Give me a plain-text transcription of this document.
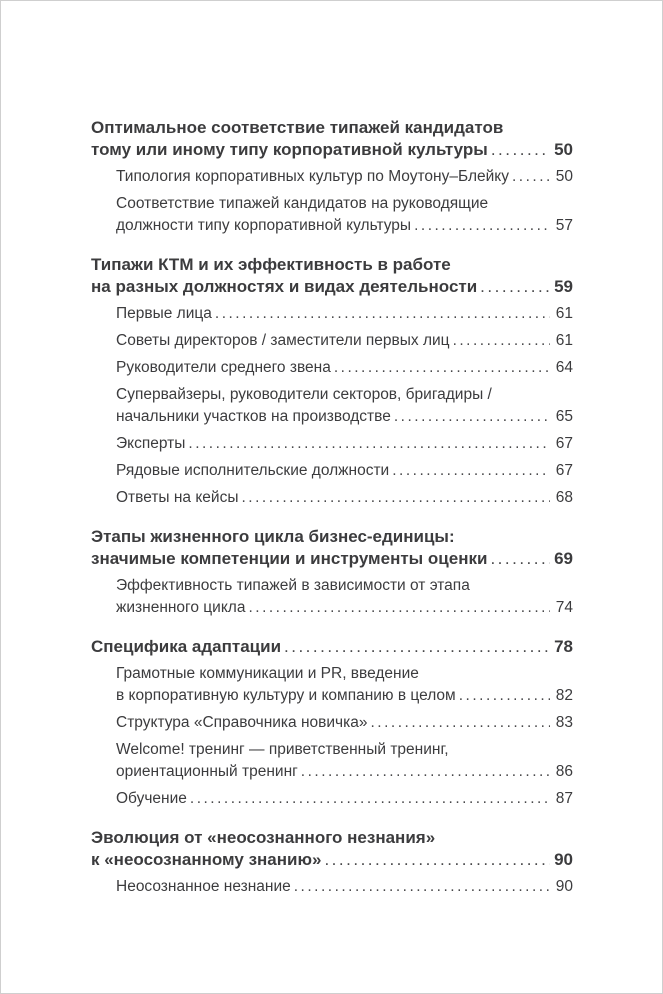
Оптимальное соответствие типажей кандидатов
тому или иному типу корпоративной культуры .....	50
Типология корпоративных культур по Моутону–Блейку .....	50
Соответствие типажей кандидатов на руководящие
должности типу корпоративной культуры .....	57
Типажи КТМ и их эффективность в работе
на разных должностях и видах деятельности .....	59
Первые лица .....	61
Советы директоров / заместители первых лиц .....	61
Руководители среднего звена .....	64
Супервайзеры, руководители секторов, бригадиры /
начальники участков на производстве .....	65
Эксперты .....	67
Рядовые исполнительские должности .....	67
Ответы на кейсы .....	68
Этапы жизненного цикла бизнес-единицы:
значимые компетенции и инструменты оценки .....	69
Эффективность типажей в зависимости от этапа
жизненного цикла .....	74
Специфика адаптации .....	78
Грамотные коммуникации и PR, введение
в корпоративную культуру и компанию в целом .....	82
Структура «Справочника новичка» .....	83
Welcome! тренинг — приветственный тренинг,
ориентационный тренинг .....	86
Обучение .....	87
Эволюция от «неосознанного незнания»
к «неосознанному знанию» .....	90
Неосознанное незнание .....	90
